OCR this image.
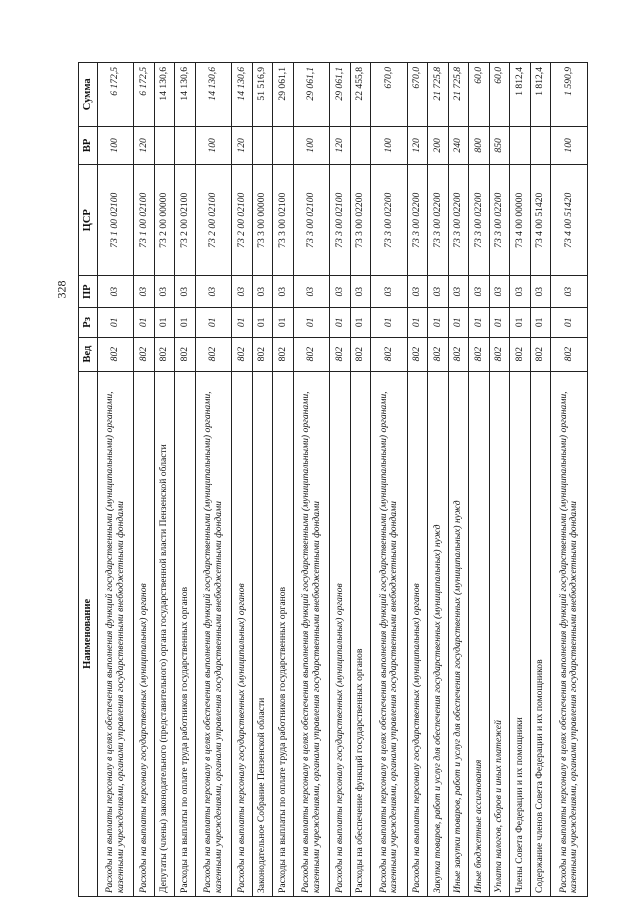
328
Наименование	Вед	Рз	ПР	ЦСР	ВР	Сумма
Расходы на выплаты персоналу в целях обеспечения выполнения функций государственными (муниципальными) органами, казенными учреждениями, органами управления государственными внебюджетными фондами	802	01	03	73 1 00 02100	100	6 172,5
Расходы на выплаты персоналу государственных (муниципальных) органов	802	01	03	73 1 00 02100	120	6 172,5
Депутаты (члены) законодательного (представительного) органа государственной власти Пензенской области	802	01	03	73 2 00 00000		14 130,6
Расходы на выплаты по оплате труда работников государственных органов	802	01	03	73 2 00 02100		14 130,6
Расходы на выплаты персоналу в целях обеспечения выполнения функций государственными (муниципальными) органами, казенными учреждениями, органами управления государственными внебюджетными фондами	802	01	03	73 2 00 02100	100	14 130,6
Расходы на выплаты персоналу государственных (муниципальных) органов	802	01	03	73 2 00 02100	120	14 130,6
Законодательное Собрание Пензенской области	802	01	03	73 3 00 00000		51 516,9
Расходы на выплаты по оплате труда работников государственных органов	802	01	03	73 3 00 02100		29 061,1
Расходы на выплаты персоналу в целях обеспечения выполнения функций государственными (муниципальными) органами, казенными учреждениями, органами управления государственными внебюджетными фондами	802	01	03	73 3 00 02100	100	29 061,1
Расходы на выплаты персоналу государственных (муниципальных) органов	802	01	03	73 3 00 02100	120	29 061,1
Расходы на обеспечение функций государственных органов	802	01	03	73 3 00 02200		22 455,8
Расходы на выплаты персоналу в целях обеспечения выполнения функций государственными (муниципальными) органами, казенными учреждениями, органами управления государственными внебюджетными фондами	802	01	03	73 3 00 02200	100	670,0
Расходы на выплаты персоналу государственных (муниципальных) органов	802	01	03	73 3 00 02200	120	670,0
Закупка товаров, работ и услуг для обеспечения государственных (муниципальных) нужд	802	01	03	73 3 00 02200	200	21 725,8
Иные закупки товаров, работ и услуг для обеспечения государственных (муниципальных) нужд	802	01	03	73 3 00 02200	240	21 725,8
Иные бюджетные ассигнования	802	01	03	73 3 00 02200	800	60,0
Уплата налогов, сборов и иных платежей	802	01	03	73 3 00 02200	850	60,0
Члены Совета Федерации и их помощники	802	01	03	73 4 00 00000		1 812,4
Содержание членов Совета Федерации и их помощников	802	01	03	73 4 00 51420		1 812,4
Расходы на выплаты персоналу в целях обеспечения выполнения функций государственными (муниципальными) органами, казенными учреждениями, органами управления государственными внебюджетными фондами	802	01	03	73 4 00 51420	100	1 590,9
